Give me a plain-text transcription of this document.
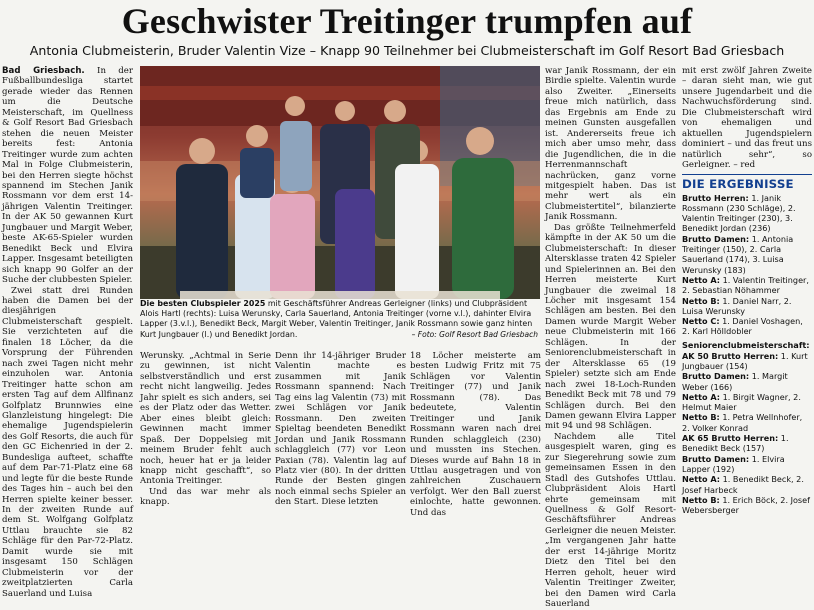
Geschwister Treitinger trumpfen auf
Antonia Clubmeisterin, Bruder Valentin Vize – Knapp 90 Teilnehmer bei Clubmeisterschaft im Golf Resort Bad Griesbach

Bad Griesbach. In der Fußballbundesliga startet gerade wieder das Rennen um die Deutsche Meisterschaft, im Quellness & Golf Resort Bad Griesbach stehen die neuen Meister bereits fest: Antonia Treitinger wurde zum achten Mal in Folge Clubmeisterin, bei den Herren siegte höchst spannend im Stechen Janik Rossmann vor dem erst 14-jährigen Valentin Treitinger. In der AK 50 gewannen Kurt Jungbauer und Margit Weber, beste AK-65-Spieler wurden Benedikt Beck und Elvira Lapper. Insgesamt beteiligten sich knapp 90 Golfer an der Suche der clubbesten Spieler.

Zwei statt drei Runden haben die Damen bei der diesjährigen Clubmeisterschaft gespielt. Sie verzichteten auf die finalen 18 Löcher, da die Vorsprung der Führenden nach zwei Tagen nicht mehr einzuholen war. Antonia Treitinger hatte schon am ersten Tag auf dem Allfinanz Golfplatz Brunnwies eine Glanzleistung hingelegt: Die ehemalige Jugendspielerin des Golf Resorts, die auch für den GC Eichenried in der 2. Bundesliga aufteet, schaffte auf dem Par-71-Platz eine 68 und legte für die beste Runde des Tages hin – auch bei den Herren spielte keiner besser. In der zweiten Runde auf dem St. Wolfgang Golfplatz Uttlau brauchte sie 82 Schläge für den Par-72-Platz. Damit wurde sie mit insgesamt 150 Schlägen Clubmeisterin vor der zweitplatzierten Carla Sauerland und Luisa

Die besten Clubspieler 2025 mit Geschäftsführer Andreas Gerleigner (links) und Clubpräsident Alois Hartl (rechts): Luisa Werunsky, Carla Sauerland, Antonia Treitinger (vorne v.l.), dahinter Elvira Lapper (3.v.l.), Benedikt Beck, Margit Weber, Valentin Treitinger, Janik Rossmann sowie ganz hinten Kurt Jungbauer (l.) und Benedikt Jordan.	– Foto: Golf Resort Bad Griesbach

Werunsky. „Achtmal in Serie zu gewinnen, ist nicht selbstverständlich und erst recht nicht langweilig. Jedes Jahr spielt es sich anders, sei es der Platz oder das Wetter. Aber eines bleibt gleich: Gewinnen macht immer Spaß. Der Doppelsieg mit meinem Bruder fehlt auch noch, heuer hat er ja leider knapp nicht geschafft“, so Antonia Treitinger.

Und das war mehr als knapp.

Denn ihr 14-jähriger Bruder Valentin machte es zusammen mit Janik Rossmann spannend: Nach Tag eins lag Valentin (73) mit zwei Schlägen vor Janik Rossmann. Den zweiten Spieltag beendeten Benedikt Jordan und Janik Rossmann schlaggleich (77) vor Leon Paxian (78). Valentin lag auf Platz vier (80). In der dritten Runde der Besten gingen noch einmal sechs Spieler an den Start. Diese letzten

18 Löcher meisterte am besten Ludwig Fritz mit 75 Schlägen vor Valentin Treitinger (77) und Janik Rossmann (78). Das bedeutete, Valentin Treitinger und Janik Rossmann waren nach drei Runden schlaggleich (230) und mussten ins Stechen. Dieses wurde auf Bahn 18 in Uttlau ausgetragen und von zahlreichen Zuschauern verfolgt. Wer den Ball zuerst einlochte, hatte gewonnen. Und das

war Janik Rossmann, der ein Birdie spielte. Valentin wurde also Zweiter. „Einerseits freue mich natürlich, dass das Ergebnis am Ende zu meinen Gunsten ausgefallen ist. Andererseits freue ich mich aber umso mehr, dass die Jugendlichen, die in die Herrenmannschaft nachrücken, ganz vorne mitgespielt haben. Das ist mehr wert als ein Clubmeistertitel“, bilanzierte Janik Rossmann.

Das größte Teilnehmerfeld kämpfte in der AK 50 um die Clubmeisterschaft: In dieser Altersklasse traten 42 Spieler und Spielerinnen an. Bei den Herren meisterte Kurt Jungbauer die zweimal 18 Löcher mit insgesamt 154 Schlägen am besten. Bei den Damen wurde Margit Weber neue Clubmeisterin mit 166 Schlägen. In der Seniorenclubmeisterschaft in der Altersklasse 65 (19 Spieler) setzte sich am Ende nach zwei 18-Loch-Runden Benedikt Beck mit 78 und 79 Schlägen durch. Bei den Damen gewann Elvira Lapper mit 94 und 98 Schlägen.

Nachdem alle Titel ausgespielt waren, ging es zur Siegerehrung sowie zum gemeinsamen Essen in den Stadl des Gutshofes Uttlau. Clubpräsident Alois Hartl ehrte gemeinsam mit Quellness & Golf Resort-Geschäftsführer Andreas Gerleigner die neuen Meister. „Im vergangenen Jahr hatte der erst 14-jährige Moritz Dietz den Titel bei den Herren geholt, heuer wird Valentin Treitinger Zweiter, bei den Damen wird Carla Sauerland

mit erst zwölf Jahren Zweite – daran sieht man, wie gut unsere Jugendarbeit und die Nachwuchsförderung sind. Die Clubmeisterschaft wird von ehemaligen und aktuellen Jugendspielern dominiert – und das freut uns natürlich sehr“, so Gerleigner. – red

DIE ERGEBNISSE
Brutto Herren: 1. Janik Rossmann (230 Schläge), 2. Valentin Treitinger (230), 3. Benedikt Jordan (236)
Brutto Damen: 1. Antonia Treitinger (150), 2. Carla Sauerland (174), 3. Luisa Werunsky (183)
Netto A: 1. Valentin Treitinger, 2. Sebastian Nöhammer
Netto B: 1. Daniel Narr, 2. Luisa Werunsky
Netto C: 1. Daniel Voshagen, 2. Karl Hölldobler
Seniorenclubmeisterschaft:
AK 50 Brutto Herren: 1. Kurt Jungbauer (154)
Brutto Damen: 1. Margit Weber (166)
Netto A: 1. Birgit Wagner, 2. Helmut Maier
Netto B: 1. Petra Wellnhofer, 2. Volker Konrad
AK 65 Brutto Herren: 1. Benedikt Beck (157)
Brutto Damen: 1. Elvira Lapper (192)
Netto A: 1. Benedikt Beck, 2. Josef Harbeck
Netto B: 1. Erich Böck, 2. Josef Webersberger
